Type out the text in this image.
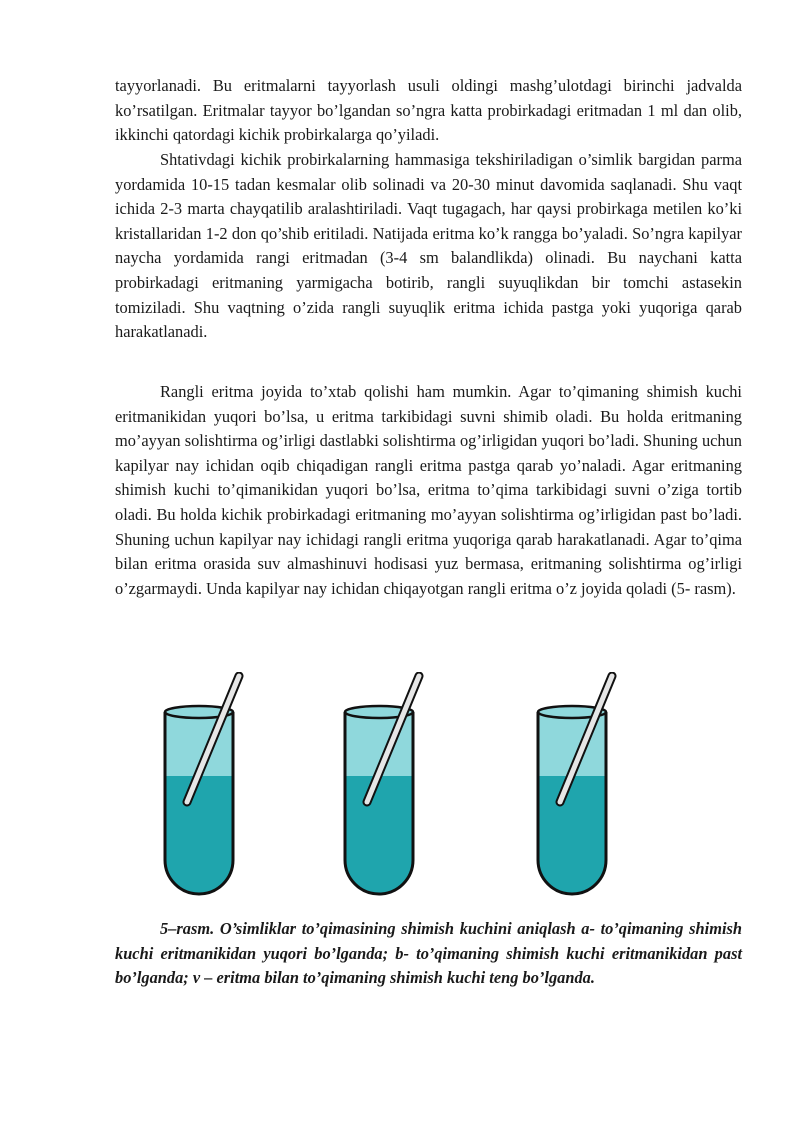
tayyorlanadi. Bu eritmalarni tayyorlash usuli oldingi mashg’ulotdagi birinchi jadvalda ko’rsatilgan. Eritmalar tayyor bo’lgandan so’ngra katta probirkadagi eritmadan 1 ml dan olib, ikkinchi qatordagi kichik probirkalarga qo’yiladi.

Shtativdagi kichik probirkalarning hammasiga tekshiriladigan o’simlik bargidan parma yordamida 10-15 tadan kesmalar olib solinadi va 20-30 minut davomida saqlanadi. Shu vaqt ichida 2-3 marta chayqatilib aralashtiriladi. Vaqt tugagach, har qaysi probirkaga metilen ko’ki kristallaridan 1-2 don qo’shib eritiladi. Natijada eritma ko’k rangga bo’yaladi. So’ngra kapilyar naycha yordamida rangi eritmadan (3-4 sm balandlikda) olinadi. Bu naychani katta probirkadagi eritmaning yarmigacha botirib, rangli suyuqlikdan bir tomchi astasekin tomiziladi. Shu vaqtning o’zida rangli suyuqlik eritma ichida pastga yoki yuqoriga qarab harakatlanadi.

Rangli eritma joyida to’xtab qolishi ham mumkin. Agar to’qimaning shimish kuchi eritmanikidan yuqori bo’lsa, u eritma tarkibidagi suvni shimib oladi. Bu holda eritmaning mo’ayyan solishtirma og’irligi dastlabki solishtirma og’irligidan yuqori bo’ladi. Shuning uchun kapilyar nay ichidan oqib chiqadigan rangli eritma pastga qarab yo’naladi. Agar eritmaning shimish kuchi to’qimanikidan yuqori bo’lsa, eritma to’qima tarkibidagi suvni o’ziga tortib oladi. Bu holda kichik probirkadagi eritmaning mo’ayyan solishtirma og’irligidan past bo’ladi. Shuning uchun kapilyar nay ichidagi rangli eritma yuqoriga qarab harakatlanadi. Agar to’qima bilan eritma orasida suv almashinuvi hodisasi yuz bermasa, eritmaning solishtirma og’irligi o’zgarmaydi. Unda kapilyar nay ichidan chiqayotgan rangli eritma o’z joyida qoladi (5- rasm).

5–rasm. O’simliklar to’qimasining shimish kuchini aniqlash a- to’qimaning shimish kuchi eritmanikidan yuqori bo’lganda; b- to’qimaning shimish kuchi eritmanikidan past bo’lganda; v – eritma bilan to’qimaning shimish kuchi teng bo’lganda.
